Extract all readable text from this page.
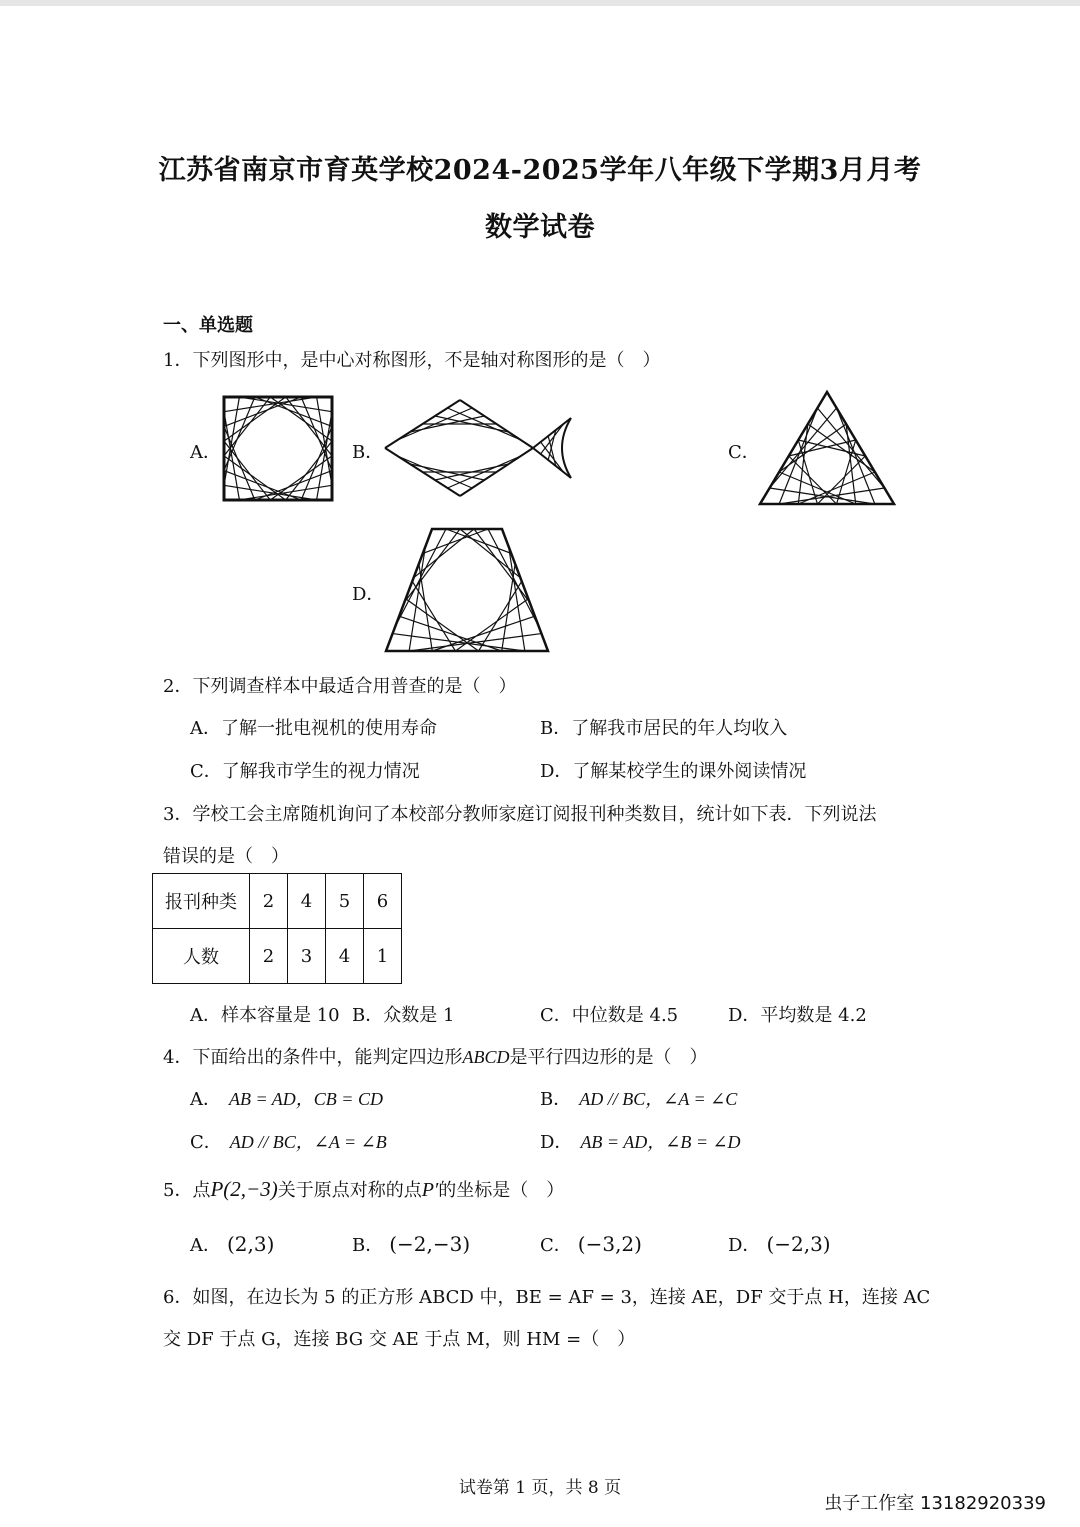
江苏省南京市育英学校2024-2025学年八年级下学期3月月考
数学试卷
一、单选题
1．下列图形中，是中心对称图形，不是轴对称图形的是（　）
A．	B．	C．
D．
2．下列调查样本中最适合用普查的是（　）
A．了解一批电视机的使用寿命	B．了解我市居民的年人均收入
C．了解我市学生的视力情况	D．了解某校学生的课外阅读情况
3．学校工会主席随机询问了本校部分教师家庭订阅报刊种类数目，统计如下表．下列说法
错误的是（　）
报刊种类	2	4	5	6
人数	2	3	4	1
A．样本容量是 10 B．众数是 1	C．中位数是 4.5	D．平均数是 4.2
4．下面给出的条件中，能判定四边形ABCD是平行四边形的是（　）
A． AB = AD，CB = CD	B． AD // BC，∠A = ∠C
C． AD // BC，∠A = ∠B	D． AB = AD，∠B = ∠D
5．点P(2,−3)关于原点对称的点P′的坐标是（　）
A． (2,3)	B． (−2,−3)	C． (−3,2)	D． (−2,3)
6．如图，在边长为 5 的正方形 ABCD 中，BE = AF = 3，连接 AE，DF 交于点 H，连接 AC
交 DF 于点 G，连接 BG 交 AE 于点 M，则 HM =（　）
试卷第 1 页，共 8 页
虫子工作室 13182920339
